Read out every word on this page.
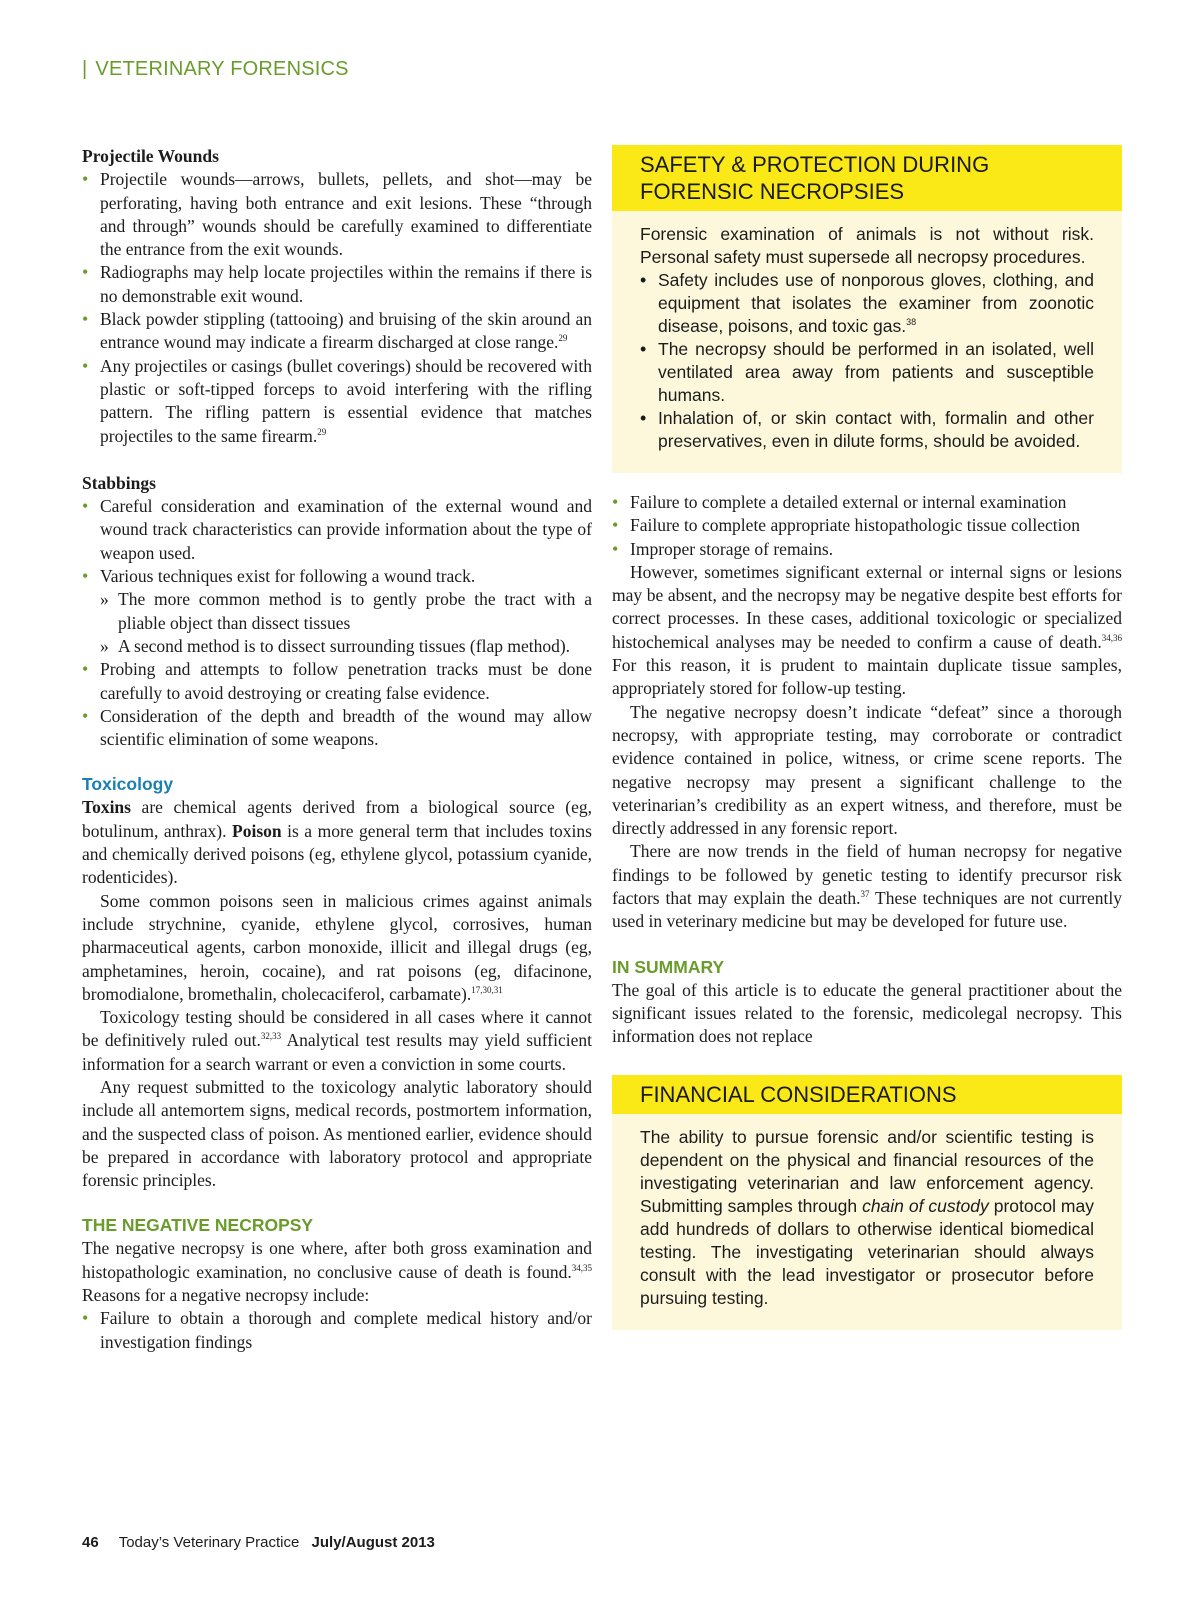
| VETERINARY FORENSICS

Projectile Wounds

• Projectile wounds—arrows, bullets, pellets, and shot—may be perforating, having both entrance and exit lesions. These “through and through” wounds should be carefully examined to differentiate the entrance from the exit wounds.
• Radiographs may help locate projectiles within the remains if there is no demonstrable exit wound.
• Black powder stippling (tattooing) and bruising of the skin around an entrance wound may indicate a firearm discharged at close range.$^{29}$
• Any projectiles or casings (bullet coverings) should be recovered with plastic or soft-tipped forceps to avoid interfering with the rifling pattern. The rifling pattern is essential evidence that matches projectiles to the same firearm.$^{29}$

Stabbings

• Careful consideration and examination of the external wound and wound track characteristics can provide information about the type of weapon used.
• Various techniques exist for following a wound track.
» The more common method is to gently probe the tract with a pliable object than dissect tissues
» A second method is to dissect surrounding tissues (flap method).
• Probing and attempts to follow penetration tracks must be done carefully to avoid destroying or creating false evidence.
• Consideration of the depth and breadth of the wound may allow scientific elimination of some weapons.

Toxicology

Toxins are chemical agents derived from a biological source (eg, botulinum, anthrax). Poison is a more general term that includes toxins and chemically derived poisons (eg, ethylene glycol, potassium cyanide, rodenticides).

Some common poisons seen in malicious crimes against animals include strychnine, cyanide, ethylene glycol, corrosives, human pharmaceutical agents, carbon monoxide, illicit and illegal drugs (eg, amphetamines, heroin, cocaine), and rat poisons (eg, difacinone, bromodialone, bromethalin, cholecaciferol, carbamate).$^{17,30,31}$

Toxicology testing should be considered in all cases where it cannot be definitively ruled out.$^{32,33}$ Analytical test results may yield sufficient information for a search warrant or even a conviction in some courts.

Any request submitted to the toxicology analytic laboratory should include all antemortem signs, medical records, postmortem information, and the suspected class of poison. As mentioned earlier, evidence should be prepared in accordance with laboratory protocol and appropriate forensic principles.

THE NEGATIVE NECROPSY

The negative necropsy is one where, after both gross examination and histopathologic examination, no conclusive cause of death is found.$^{34,35}$ Reasons for a negative necropsy include:

• Failure to obtain a thorough and complete medical history and/or investigation findings
SAFETY & PROTECTION DURING FORENSIC NECROPSIES

Forensic examination of animals is not without risk. Personal safety must supersede all necropsy procedures.

• Safety includes use of nonporous gloves, clothing, and equipment that isolates the examiner from zoonotic disease, poisons, and toxic gas.$^{38}$
• The necropsy should be performed in an isolated, well ventilated area away from patients and susceptible humans.
• Inhalation of, or skin contact with, formalin and other preservatives, even in dilute forms, should be avoided.
• Failure to complete a detailed external or internal examination
• Failure to complete appropriate histopathologic tissue collection
• Improper storage of remains.

However, sometimes significant external or internal signs or lesions may be absent, and the necropsy may be negative despite best efforts for correct processes. In these cases, additional toxicologic or specialized histochemical analyses may be needed to confirm a cause of death.$^{34,36}$ For this reason, it is prudent to maintain duplicate tissue samples, appropriately stored for follow-up testing.

The negative necropsy doesn’t indicate “defeat” since a thorough necropsy, with appropriate testing, may corroborate or contradict evidence contained in police, witness, or crime scene reports. The negative necropsy may present a significant challenge to the veterinarian’s credibility as an expert witness, and therefore, must be directly addressed in any forensic report.

There are now trends in the field of human necropsy for negative findings to be followed by genetic testing to identify precursor risk factors that may explain the death.$^{37}$ These techniques are not currently used in veterinary medicine but may be developed for future use.

IN SUMMARY

The goal of this article is to educate the general practitioner about the significant issues related to the forensic, medicolegal necropsy. This information does not replace

FINANCIAL CONSIDERATIONS

The ability to pursue forensic and/or scientific testing is dependent on the physical and financial resources of the investigating veterinarian and law enforcement agency. Submitting samples through chain of custody protocol may add hundreds of dollars to otherwise identical biomedical testing. The investigating veterinarian should always consult with the lead investigator or prosecutor before pursuing testing.

46 Today’s Veterinary Practice July/August 2013
